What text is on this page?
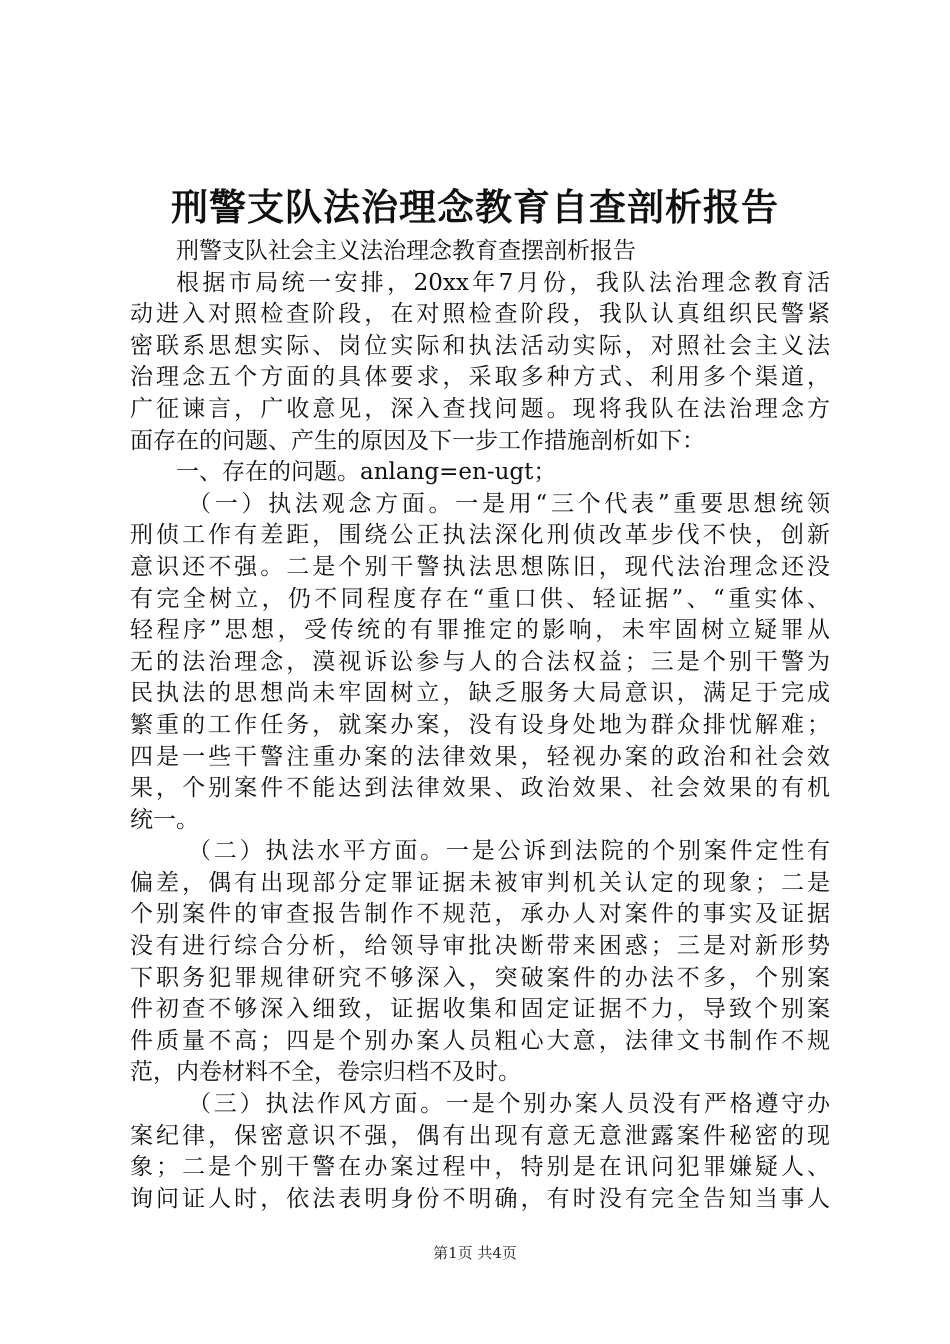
刑警支队法治理念教育自查剖析报告
刑警支队社会主义法治理念教育查摆剖析报告
根据市局统一安排，20xx年7月份，我队法治理念教育活
动进入对照检查阶段，在对照检查阶段，我队认真组织民警紧
密联系思想实际、岗位实际和执法活动实际，对照社会主义法
治理念五个方面的具体要求，采取多种方式、利用多个渠道，
广征谏言，广收意见，深入查找问题。现将我队在法治理念方
面存在的问题、产生的原因及下一步工作措施剖析如下：
一、存在的问题。anlang=en-ugt；
（一）执法观念方面。一是用“三个代表”重要思想统领
刑侦工作有差距，围绕公正执法深化刑侦改革步伐不快，创新
意识还不强。二是个别干警执法思想陈旧，现代法治理念还没
有完全树立，仍不同程度存在“重口供、轻证据”、“重实体、
轻程序”思想，受传统的有罪推定的影响，未牢固树立疑罪从
无的法治理念，漠视诉讼参与人的合法权益；三是个别干警为
民执法的思想尚未牢固树立，缺乏服务大局意识，满足于完成
繁重的工作任务，就案办案，没有设身处地为群众排忧解难；
四是一些干警注重办案的法律效果，轻视办案的政治和社会效
果，个别案件不能达到法律效果、政治效果、社会效果的有机
统一。
（二）执法水平方面。一是公诉到法院的个别案件定性有
偏差，偶有出现部分定罪证据未被审判机关认定的现象；二是
个别案件的审查报告制作不规范，承办人对案件的事实及证据
没有进行综合分析，给领导审批决断带来困惑；三是对新形势
下职务犯罪规律研究不够深入，突破案件的办法不多，个别案
件初查不够深入细致，证据收集和固定证据不力，导致个别案
件质量不高；四是个别办案人员粗心大意，法律文书制作不规
范，内卷材料不全，卷宗归档不及时。
（三）执法作风方面。一是个别办案人员没有严格遵守办
案纪律，保密意识不强，偶有出现有意无意泄露案件秘密的现
象；二是个别干警在办案过程中，特别是在讯问犯罪嫌疑人、
询问证人时，依法表明身份不明确，有时没有完全告知当事人
第1页 共4页
